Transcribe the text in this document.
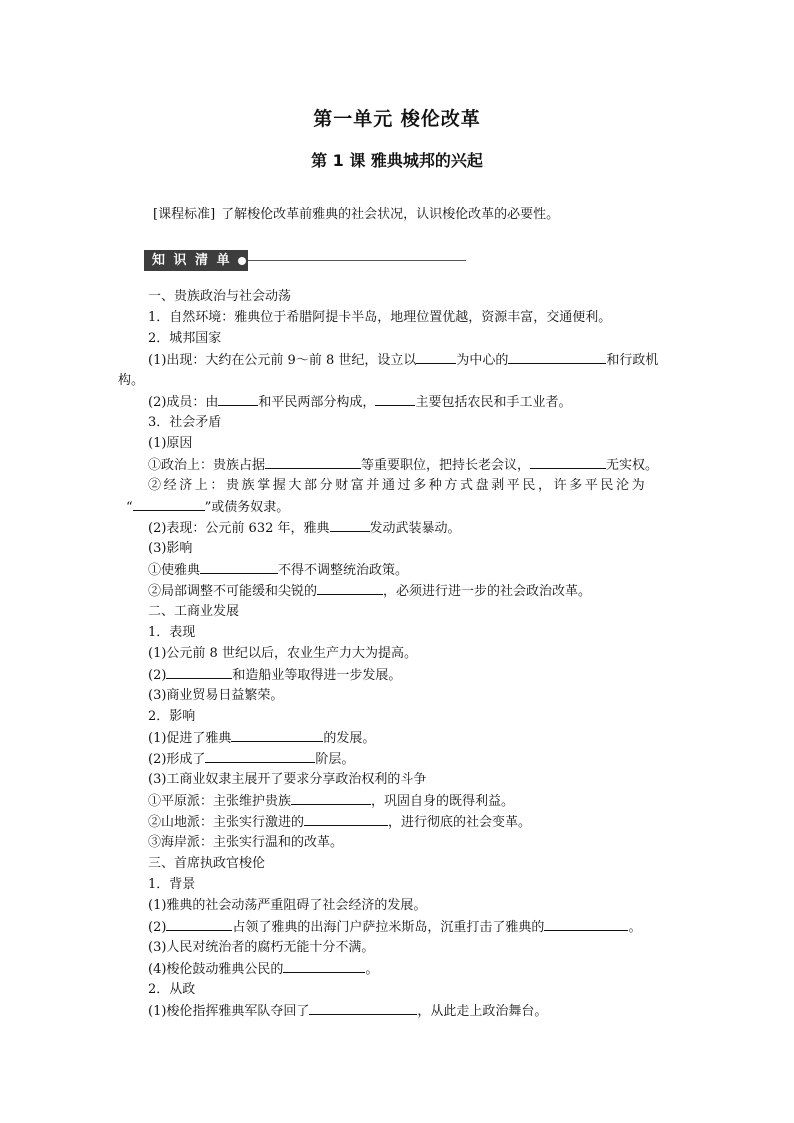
第一单元 梭伦改革
第 1 课 雅典城邦的兴起
[课程标准] 了解梭伦改革前雅典的社会状况，认识梭伦改革的必要性。
知 识 清 单
一、贵族政治与社会动荡
1．自然环境：雅典位于希腊阿提卡半岛，地理位置优越，资源丰富，交通便利。
2．城邦国家
(1)出现：大约在公元前 9～前 8 世纪，设立以	为中心的	和行政机
构。
(2)成员：由	和平民两部分构成，	主要包括农民和手工业者。
3．社会矛盾
(1)原因
①政治上：贵族占据	等重要职位，把持长老会议，	无实权。
②经济上：贵族掌握大部分财富并通过多种方式盘剥平民，许多平民沦为
“	”或债务奴隶。
(2)表现：公元前 632 年，雅典	发动武装暴动。
(3)影响
①使雅典	不得不调整统治政策。
②局部调整不可能缓和尖锐的	，必须进行进一步的社会政治改革。
二、工商业发展
1．表现
(1)公元前 8 世纪以后，农业生产力大为提高。
(2)	和造船业等取得进一步发展。
(3)商业贸易日益繁荣。
2．影响
(1)促进了雅典	的发展。
(2)形成了	阶层。
(3)工商业奴隶主展开了要求分享政治权利的斗争
①平原派：主张维护贵族	，巩固自身的既得利益。
②山地派：主张实行激进的	，进行彻底的社会变革。
③海岸派：主张实行温和的改革。
三、首席执政官梭伦
1．背景
(1)雅典的社会动荡严重阻碍了社会经济的发展。
(2)	占领了雅典的出海门户萨拉米斯岛，沉重打击了雅典的	。
(3)人民对统治者的腐朽无能十分不满。
(4)梭伦鼓动雅典公民的	。
2．从政
(1)梭伦指挥雅典军队夺回了	，从此走上政治舞台。
